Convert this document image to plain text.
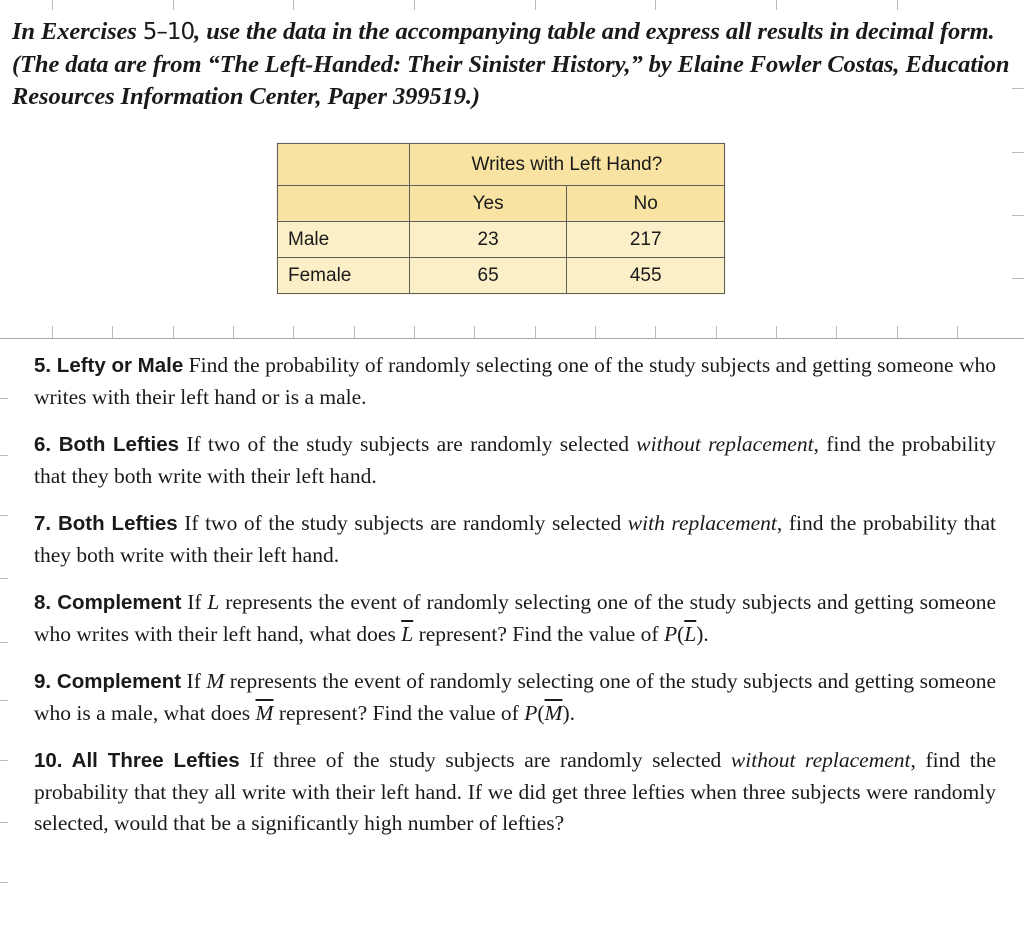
In Exercises 5–10, use the data in the accompanying table and express all results in decimal form. (The data are from “The Left-Handed: Their Sinister History,” by Elaine Fowler Costas, Education Resources Information Center, Paper 399519.)

	Writes with Left Hand?	
	Yes	No
Male	23	217
Female	65	455

5. Lefty or Male Find the probability of randomly selecting one of the study subjects and getting someone who writes with their left hand or is a male.

6. Both Lefties If two of the study subjects are randomly selected without replacement, find the probability that they both write with their left hand.

7. Both Lefties If two of the study subjects are randomly selected with replacement, find the probability that they both write with their left hand.

8. Complement If L represents the event of randomly selecting one of the study subjects and getting someone who writes with their left hand, what does $\overline{L}$ represent? Find the value of $P(\overline{L})$.

9. Complement If M represents the event of randomly selecting one of the study subjects and getting someone who is a male, what does $\overline{M}$ represent? Find the value of $P(\overline{M})$.

10. All Three Lefties If three of the study subjects are randomly selected without replacement, find the probability that they all write with their left hand. If we did get three lefties when three subjects were randomly selected, would that be a significantly high number of lefties?
